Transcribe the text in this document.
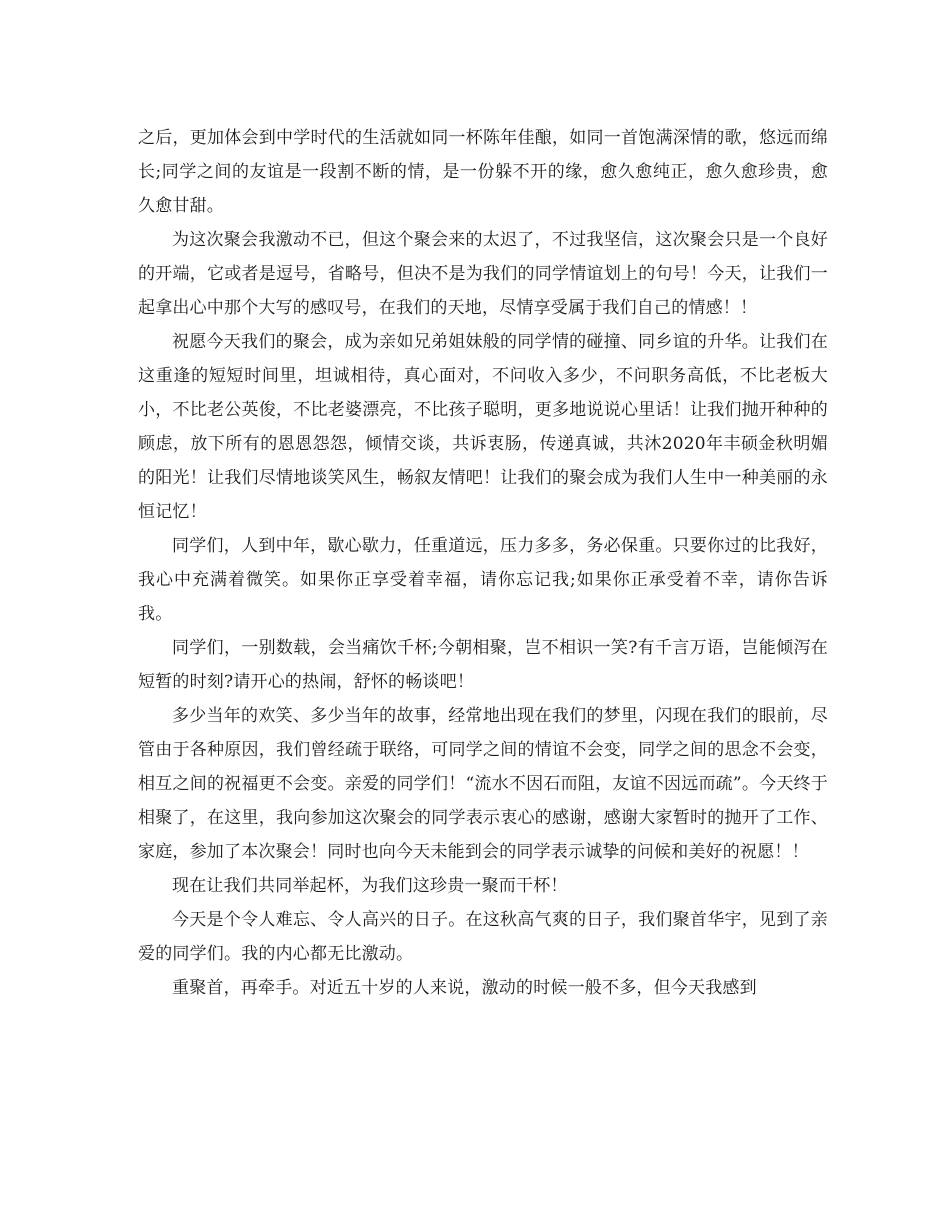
之后，更加体会到中学时代的生活就如同一杯陈年佳酿，如同一首饱满深情的歌，悠远而绵长;同学之间的友谊是一段割不断的情，是一份躲不开的缘，愈久愈纯正，愈久愈珍贵，愈久愈甘甜。

为这次聚会我激动不已，但这个聚会来的太迟了，不过我坚信，这次聚会只是一个良好的开端，它或者是逗号，省略号，但决不是为我们的同学情谊划上的句号！今天，让我们一起拿出心中那个大写的感叹号，在我们的天地，尽情享受属于我们自己的情感！！

祝愿今天我们的聚会，成为亲如兄弟姐妹般的同学情的碰撞、同乡谊的升华。让我们在这重逢的短短时间里，坦诚相待，真心面对，不问收入多少，不问职务高低，不比老板大小，不比老公英俊，不比老婆漂亮，不比孩子聪明，更多地说说心里话！让我们抛开种种的顾虑，放下所有的恩恩怨怨，倾情交谈，共诉衷肠，传递真诚，共沐2020年丰硕金秋明媚的阳光！让我们尽情地谈笑风生，畅叙友情吧！让我们的聚会成为我们人生中一种美丽的永恒记忆！

同学们，人到中年，歇心歇力，任重道远，压力多多，务必保重。只要你过的比我好，我心中充满着微笑。如果你正享受着幸福，请你忘记我;如果你正承受着不幸，请你告诉我。

同学们，一别数载，会当痛饮千杯;今朝相聚，岂不相识一笑?有千言万语，岂能倾泻在短暂的时刻?请开心的热闹，舒怀的畅谈吧！

多少当年的欢笑、多少当年的故事，经常地出现在我们的梦里，闪现在我们的眼前，尽管由于各种原因，我们曾经疏于联络，可同学之间的情谊不会变，同学之间的思念不会变，相互之间的祝福更不会变。亲爱的同学们！“流水不因石而阻，友谊不因远而疏”。今天终于相聚了，在这里，我向参加这次聚会的同学表示衷心的感谢，感谢大家暂时的抛开了工作、家庭，参加了本次聚会！同时也向今天未能到会的同学表示诚挚的问候和美好的祝愿！！

现在让我们共同举起杯，为我们这珍贵一聚而干杯！

今天是个令人难忘、令人高兴的日子。在这秋高气爽的日子，我们聚首华宇，见到了亲爱的同学们。我的内心都无比激动。

重聚首，再牵手。对近五十岁的人来说，激动的时候一般不多，但今天我感到
